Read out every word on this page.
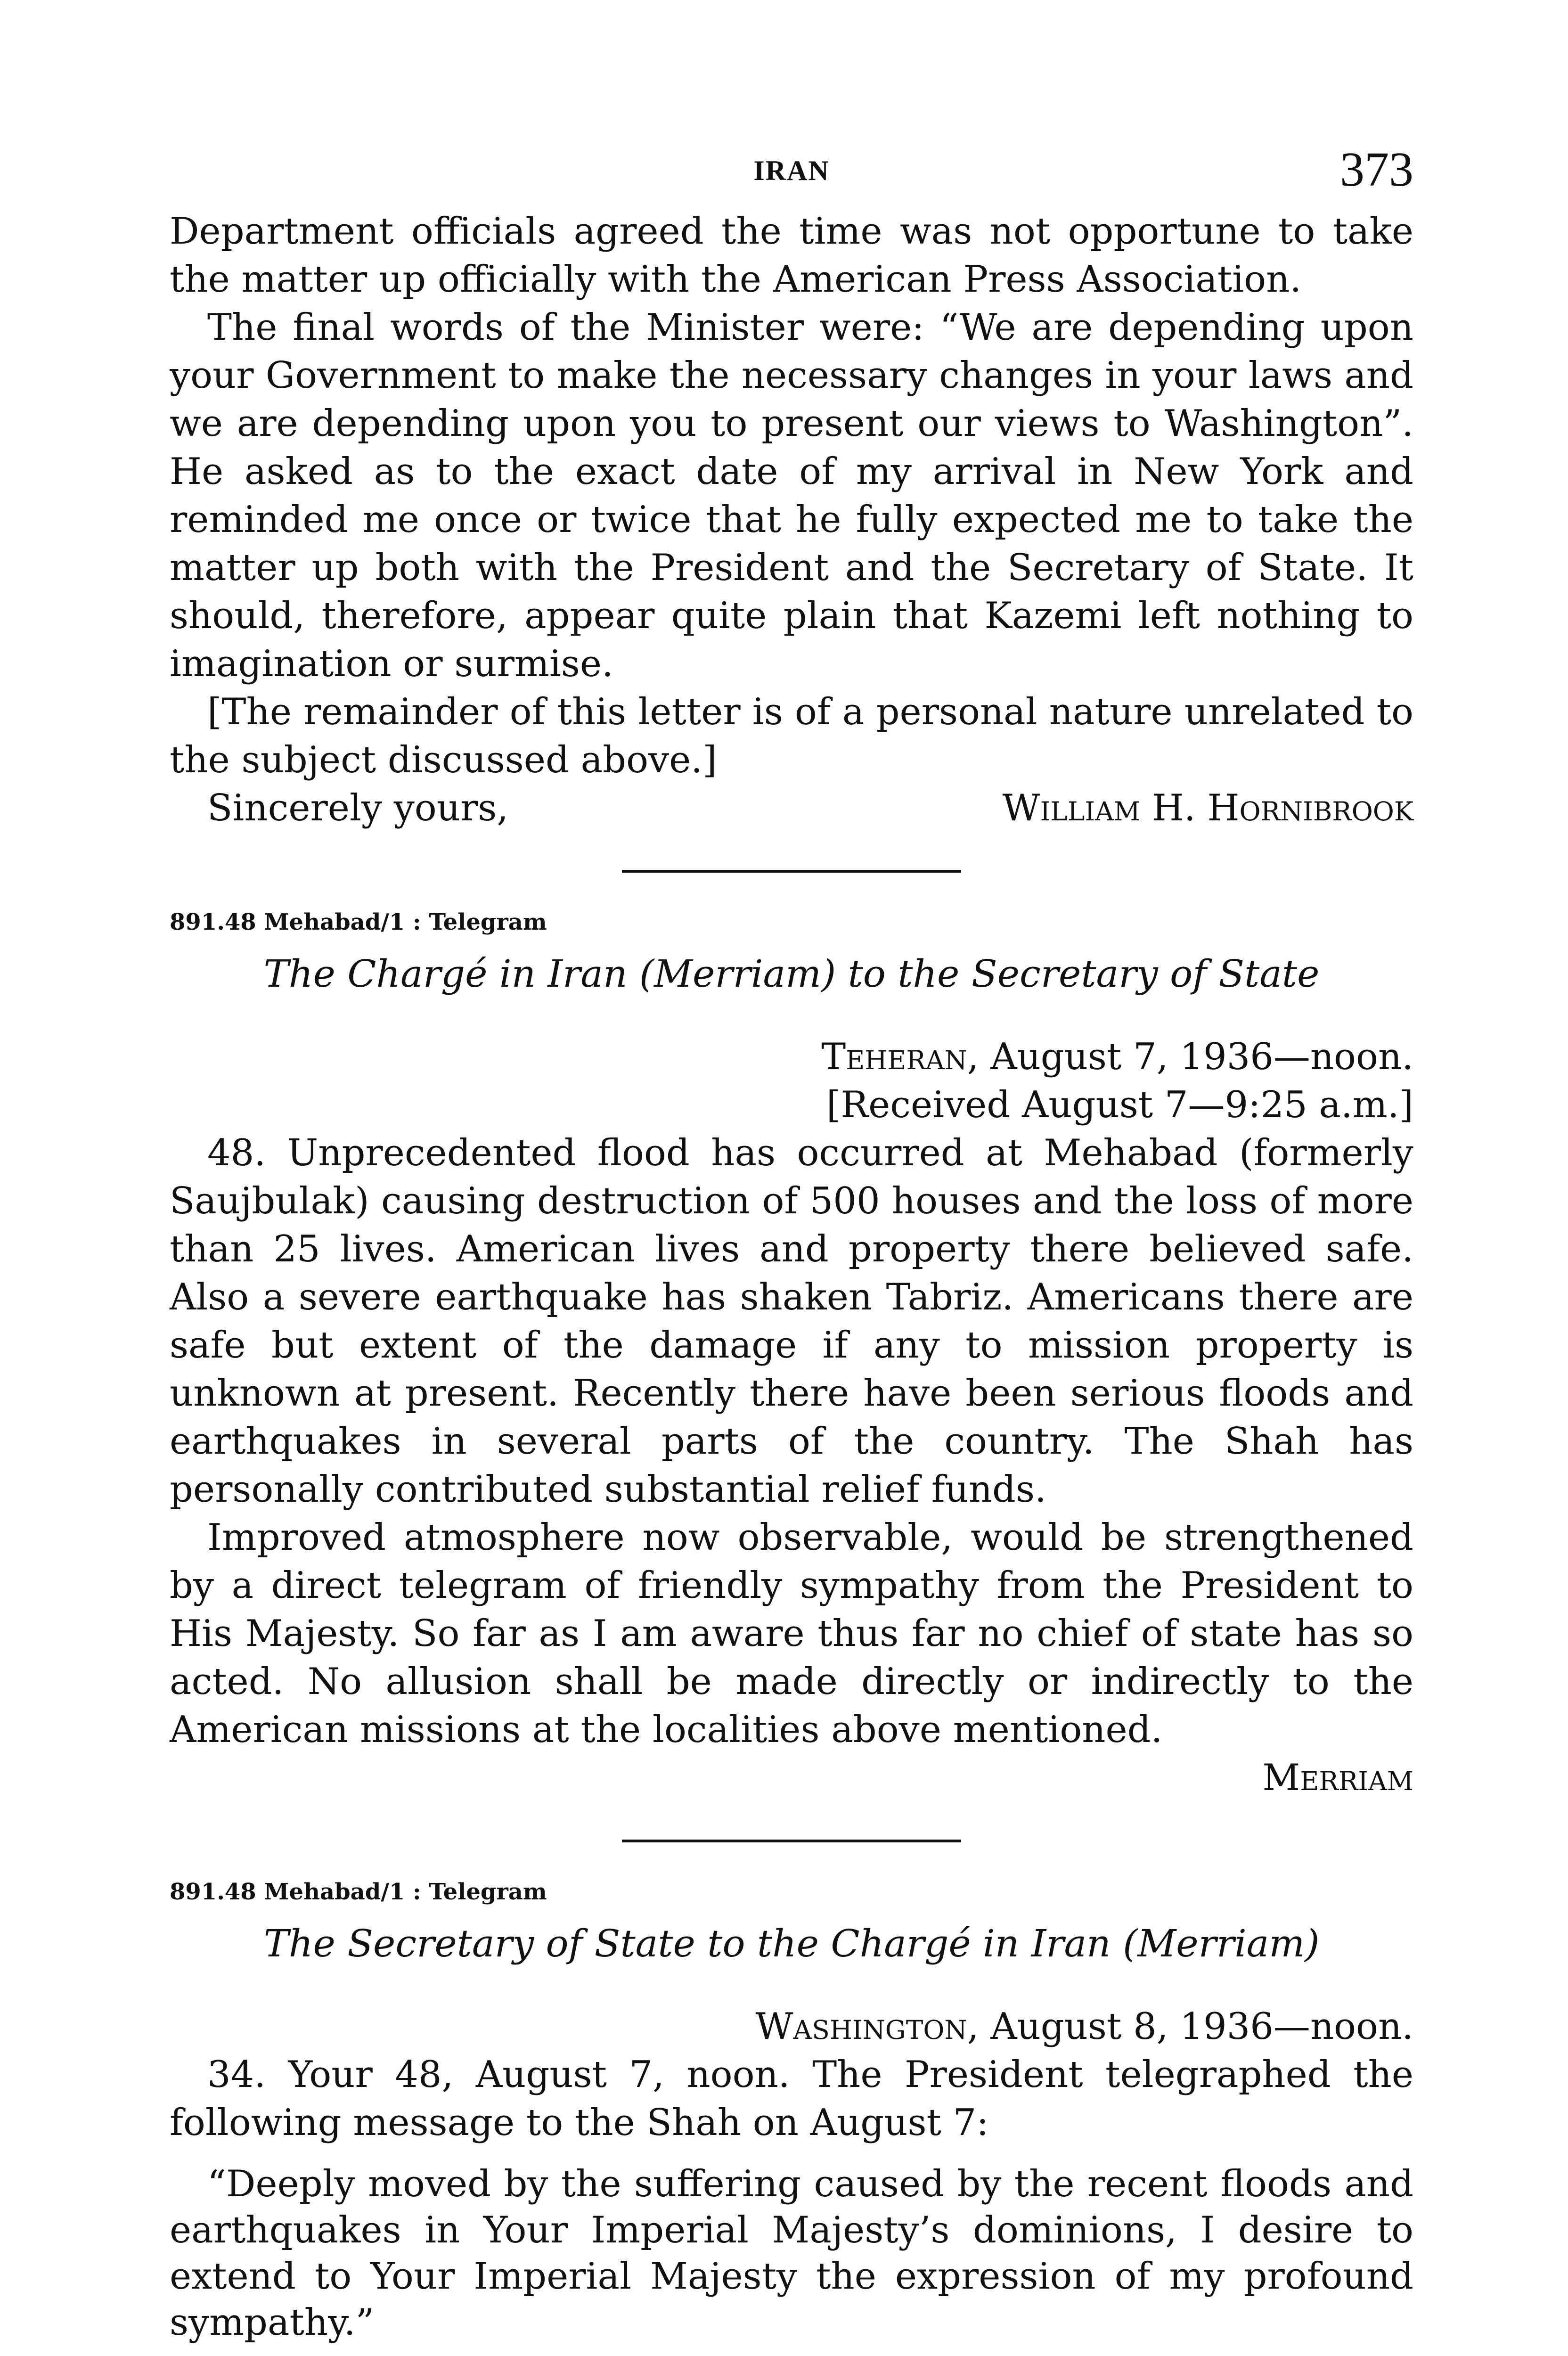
IRAN	373

Department officials agreed the time was not opportune to take the matter up officially with the American Press Association.

The final words of the Minister were: “We are depending upon your Government to make the necessary changes in your laws and we are depending upon you to present our views to Washington”. He asked as to the exact date of my arrival in New York and reminded me once or twice that he fully expected me to take the matter up both with the President and the Secretary of State. It should, therefore, appear quite plain that Kazemi left nothing to imagination or surmise.

[The remainder of this letter is of a personal nature unrelated to the subject discussed above.]

Sincerely yours,	William H. Hornibrook
891.48 Mehabad/1 : Telegram
The Chargé in Iran (Merriam) to the Secretary of State
Teheran, August 7, 1936—noon.
[Received August 7—9:25 a.m.]

48. Unprecedented flood has occurred at Mehabad (formerly Saujbulak) causing destruction of 500 houses and the loss of more than 25 lives. American lives and property there believed safe. Also a severe earthquake has shaken Tabriz. Americans there are safe but extent of the damage if any to mission property is unknown at present. Recently there have been serious floods and earthquakes in several parts of the country. The Shah has personally contributed substantial relief funds.

Improved atmosphere now observable, would be strengthened by a direct telegram of friendly sympathy from the President to His Majesty. So far as I am aware thus far no chief of state has so acted. No allusion shall be made directly or indirectly to the American missions at the localities above mentioned.

Merriam
891.48 Mehabad/1 : Telegram
The Secretary of State to the Chargé in Iran (Merriam)
Washington, August 8, 1936—noon.

34. Your 48, August 7, noon. The President telegraphed the following message to the Shah on August 7:

“Deeply moved by the suffering caused by the recent floods and earthquakes in Your Imperial Majesty’s dominions, I desire to extend to Your Imperial Majesty the expression of my profound sympathy.”
